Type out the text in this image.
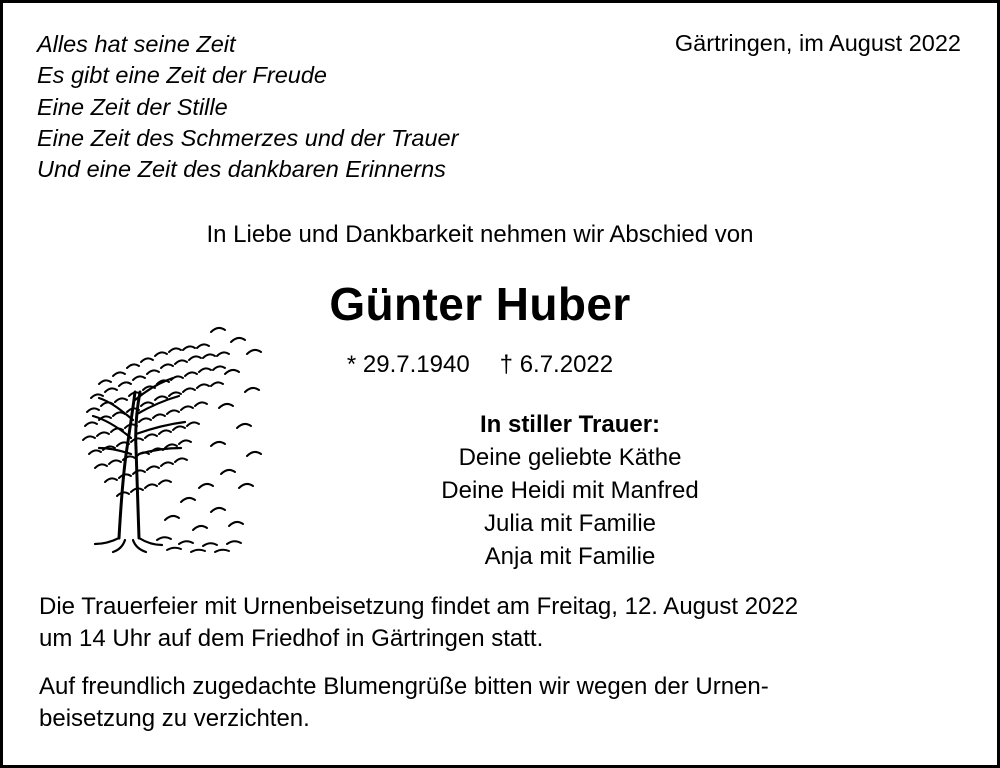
Alles hat seine Zeit
Es gibt eine Zeit der Freude
Eine Zeit der Stille
Eine Zeit des Schmerzes und der Trauer
Und eine Zeit des dankbaren Erinnerns
Gärtringen, im August 2022
In Liebe und Dankbarkeit nehmen wir Abschied von
Günter Huber
* 29.7.1940 † 6.7.2022
In stiller Trauer:
Deine geliebte Käthe
Deine Heidi mit Manfred
Julia mit Familie
Anja mit Familie

Die Trauerfeier mit Urnenbeisetzung findet am Freitag, 12. August 2022
um 14 Uhr auf dem Friedhof in Gärtringen statt.

Auf freundlich zugedachte Blumengrüße bitten wir wegen der Urnen-
beisetzung zu verzichten.
